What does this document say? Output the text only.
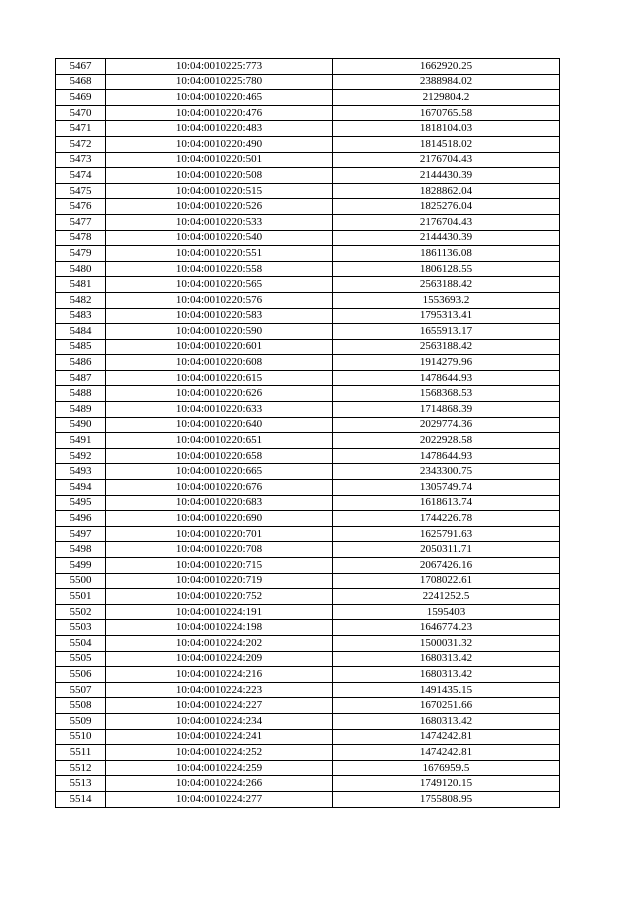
5467	10:04:0010225:773	1662920.25
5468	10:04:0010225:780	2388984.02
5469	10:04:0010220:465	2129804.2
5470	10:04:0010220:476	1670765.58
5471	10:04:0010220:483	1818104.03
5472	10:04:0010220:490	1814518.02
5473	10:04:0010220:501	2176704.43
5474	10:04:0010220:508	2144430.39
5475	10:04:0010220:515	1828862.04
5476	10:04:0010220:526	1825276.04
5477	10:04:0010220:533	2176704.43
5478	10:04:0010220:540	2144430.39
5479	10:04:0010220:551	1861136.08
5480	10:04:0010220:558	1806128.55
5481	10:04:0010220:565	2563188.42
5482	10:04:0010220:576	1553693.2
5483	10:04:0010220:583	1795313.41
5484	10:04:0010220:590	1655913.17
5485	10:04:0010220:601	2563188.42
5486	10:04:0010220:608	1914279.96
5487	10:04:0010220:615	1478644.93
5488	10:04:0010220:626	1568368.53
5489	10:04:0010220:633	1714868.39
5490	10:04:0010220:640	2029774.36
5491	10:04:0010220:651	2022928.58
5492	10:04:0010220:658	1478644.93
5493	10:04:0010220:665	2343300.75
5494	10:04:0010220:676	1305749.74
5495	10:04:0010220:683	1618613.74
5496	10:04:0010220:690	1744226.78
5497	10:04:0010220:701	1625791.63
5498	10:04:0010220:708	2050311.71
5499	10:04:0010220:715	2067426.16
5500	10:04:0010220:719	1708022.61
5501	10:04:0010220:752	2241252.5
5502	10:04:0010224:191	1595403
5503	10:04:0010224:198	1646774.23
5504	10:04:0010224:202	1500031.32
5505	10:04:0010224:209	1680313.42
5506	10:04:0010224:216	1680313.42
5507	10:04:0010224:223	1491435.15
5508	10:04:0010224:227	1670251.66
5509	10:04:0010224:234	1680313.42
5510	10:04:0010224:241	1474242.81
5511	10:04:0010224:252	1474242.81
5512	10:04:0010224:259	1676959.5
5513	10:04:0010224:266	1749120.15
5514	10:04:0010224:277	1755808.95
